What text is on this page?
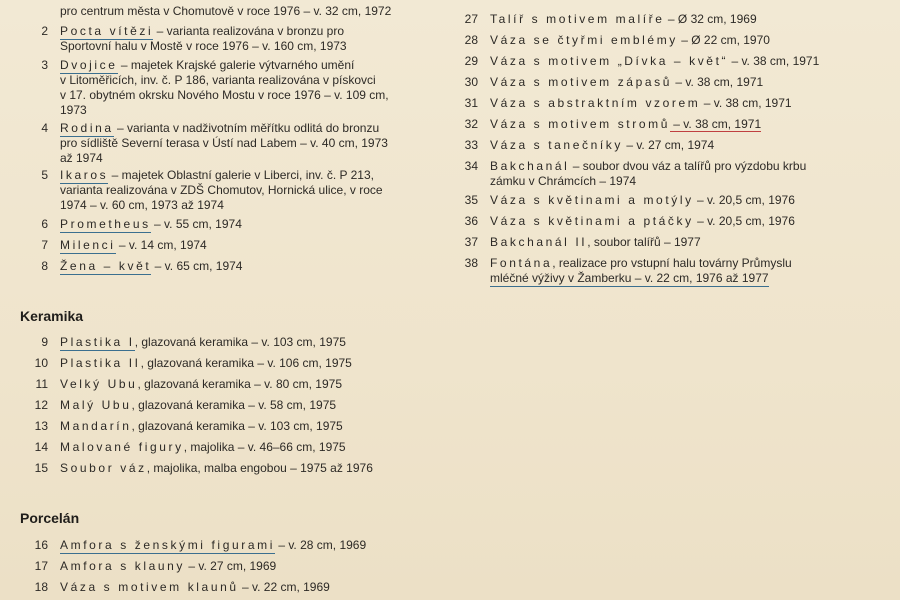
pro centrum města v Chomutově v roce 1976 – v. 32 cm, 1972
2 Pocta vítězi – varianta realizována v bronzu pro
Sportovní halu v Mostě v roce 1976 – v. 160 cm, 1973
3 Dvojice – majetek Krajské galerie výtvarného umění
v Litoměřicích, inv. č. P 186, varianta realizována v pískovci
v 17. obytném okrsku Nového Mostu v roce 1976 – v. 109 cm,
1973
4 Rodina – varianta v nadživotním měřítku odlitá do bronzu
pro sídliště Severní terasa v Ústí nad Labem – v. 40 cm, 1973
až 1974
5 Ikaros – majetek Oblastní galerie v Liberci, inv. č. P 213,
varianta realizována v ZDŠ Chomutov, Hornická ulice, v roce
1974 – v. 60 cm, 1973 až 1974
6 Prometheus – v. 55 cm, 1974
7 Milenci – v. 14 cm, 1974
8 Žena – květ – v. 65 cm, 1974
Keramika
9 Plastika I, glazovaná keramika – v. 103 cm, 1975
10 Plastika II, glazovaná keramika – v. 106 cm, 1975
11 Velký Ubu, glazovaná keramika – v. 80 cm, 1975
12 Malý Ubu, glazovaná keramika – v. 58 cm, 1975
13 Mandarín, glazovaná keramika – v. 103 cm, 1975
14 Malované figury, majolika – v. 46–66 cm, 1975
15 Soubor váz, majolika, malba engobou – 1975 až 1976
Porcelán
16 Amfora s ženskými figurami – v. 28 cm, 1969
17 Amfora s klauny – v. 27 cm, 1969
18 Váza s motivem klaunů – v. 22 cm, 1969
27 Talíř s motivem malíře – Ø 32 cm, 1969
28 Váza se čtyřmi emblémy – Ø 22 cm, 1970
29 Váza s motivem „Dívka – květ“ – v. 38 cm, 1971
30 Váza s motivem zápasů – v. 38 cm, 1971
31 Váza s abstraktním vzorem – v. 38 cm, 1971
32 Váza s motivem stromů – v. 38 cm, 1971
33 Váza s tanečníky – v. 27 cm, 1974
34 Bakchanál – soubor dvou váz a talířů pro výzdobu krbu
zámku v Chrámcích – 1974
35 Váza s květinami a motýly – v. 20,5 cm, 1976
36 Váza s květinami a ptáčky – v. 20,5 cm, 1976
37 Bakchanál II, soubor talířů – 1977
38 Fontána, realizace pro vstupní halu továrny Průmyslu
mléčné výživy v Žamberku – v. 22 cm, 1976 až 1977
